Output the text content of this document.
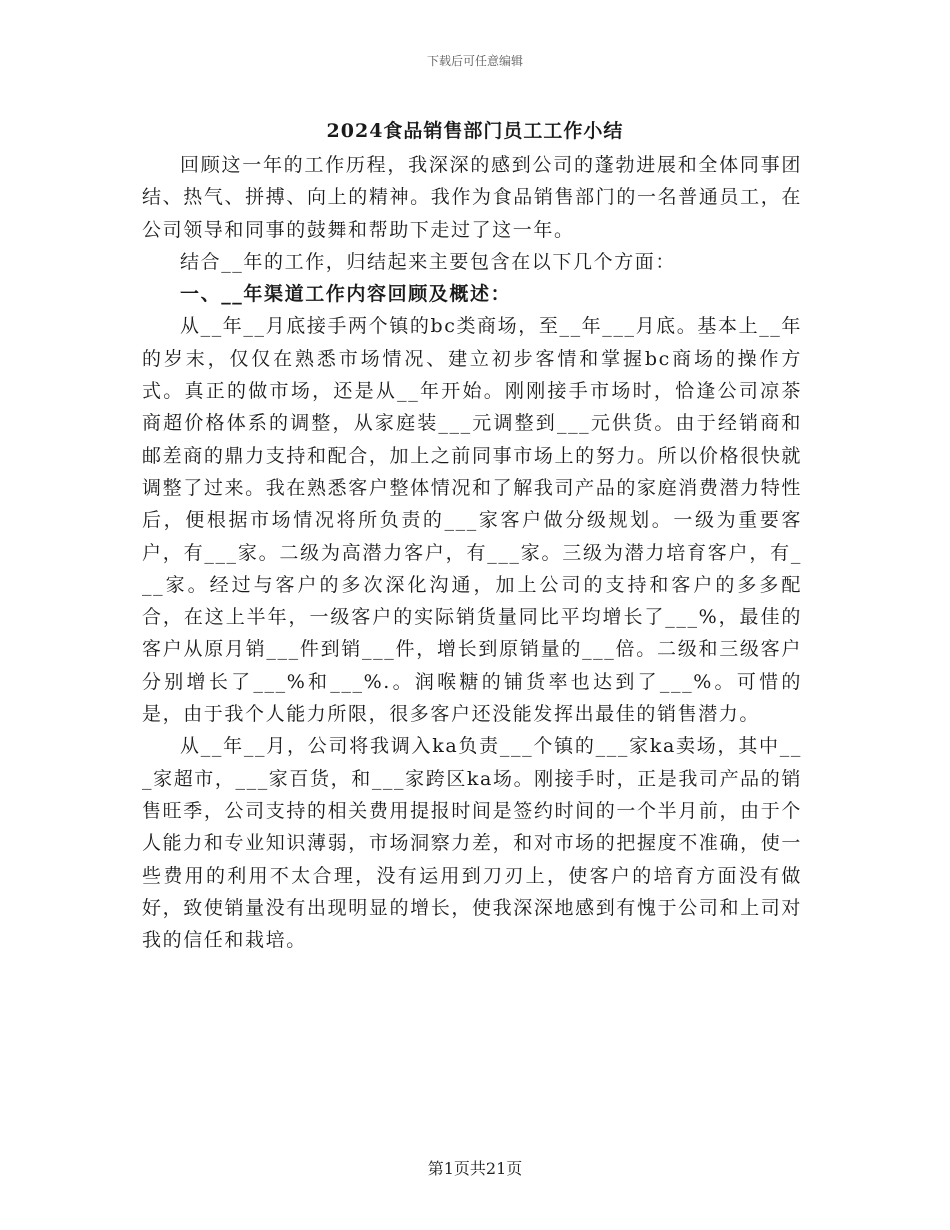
下载后可任意编辑
2024食品销售部门员工工作小结

回顾这一年的工作历程，我深深的感到公司的蓬勃进展和全体同事团结、热气、拼搏、向上的精神。我作为食品销售部门的一名普通员工，在公司领导和同事的鼓舞和帮助下走过了这一年。

结合__年的工作，归结起来主要包含在以下几个方面：

一、__年渠道工作内容回顾及概述：

从__年__月底接手两个镇的bc类商场，至__年___月底。基本上__年的岁末，仅仅在熟悉市场情况、建立初步客情和掌握bc商场的操作方式。真正的做市场，还是从__年开始。刚刚接手市场时，恰逢公司凉茶商超价格体系的调整，从家庭装___元调整到___元供货。由于经销商和邮差商的鼎力支持和配合，加上之前同事市场上的努力。所以价格很快就调整了过来。我在熟悉客户整体情况和了解我司产品的家庭消费潜力特性后，便根据市场情况将所负责的___家客户做分级规划。一级为重要客户，有___家。二级为高潜力客户，有___家。三级为潜力培育客户，有___家。经过与客户的多次深化沟通，加上公司的支持和客户的多多配合，在这上半年，一级客户的实际销货量同比平均增长了___%，最佳的客户从原月销___件到销___件，增长到原销量的___倍。二级和三级客户分别增长了___%和___%.。润喉糖的铺货率也达到了___%。可惜的是，由于我个人能力所限，很多客户还没能发挥出最佳的销售潜力。

从__年__月，公司将我调入ka负责___个镇的___家ka卖场，其中___家超市，___家百货，和___家跨区ka场。刚接手时，正是我司产品的销售旺季，公司支持的相关费用提报时间是签约时间的一个半月前，由于个人能力和专业知识薄弱，市场洞察力差，和对市场的把握度不准确，使一些费用的利用不太合理，没有运用到刀刃上，使客户的培育方面没有做好，致使销量没有出现明显的增长，使我深深地感到有愧于公司和上司对我的信任和栽培。

第1页共21页
